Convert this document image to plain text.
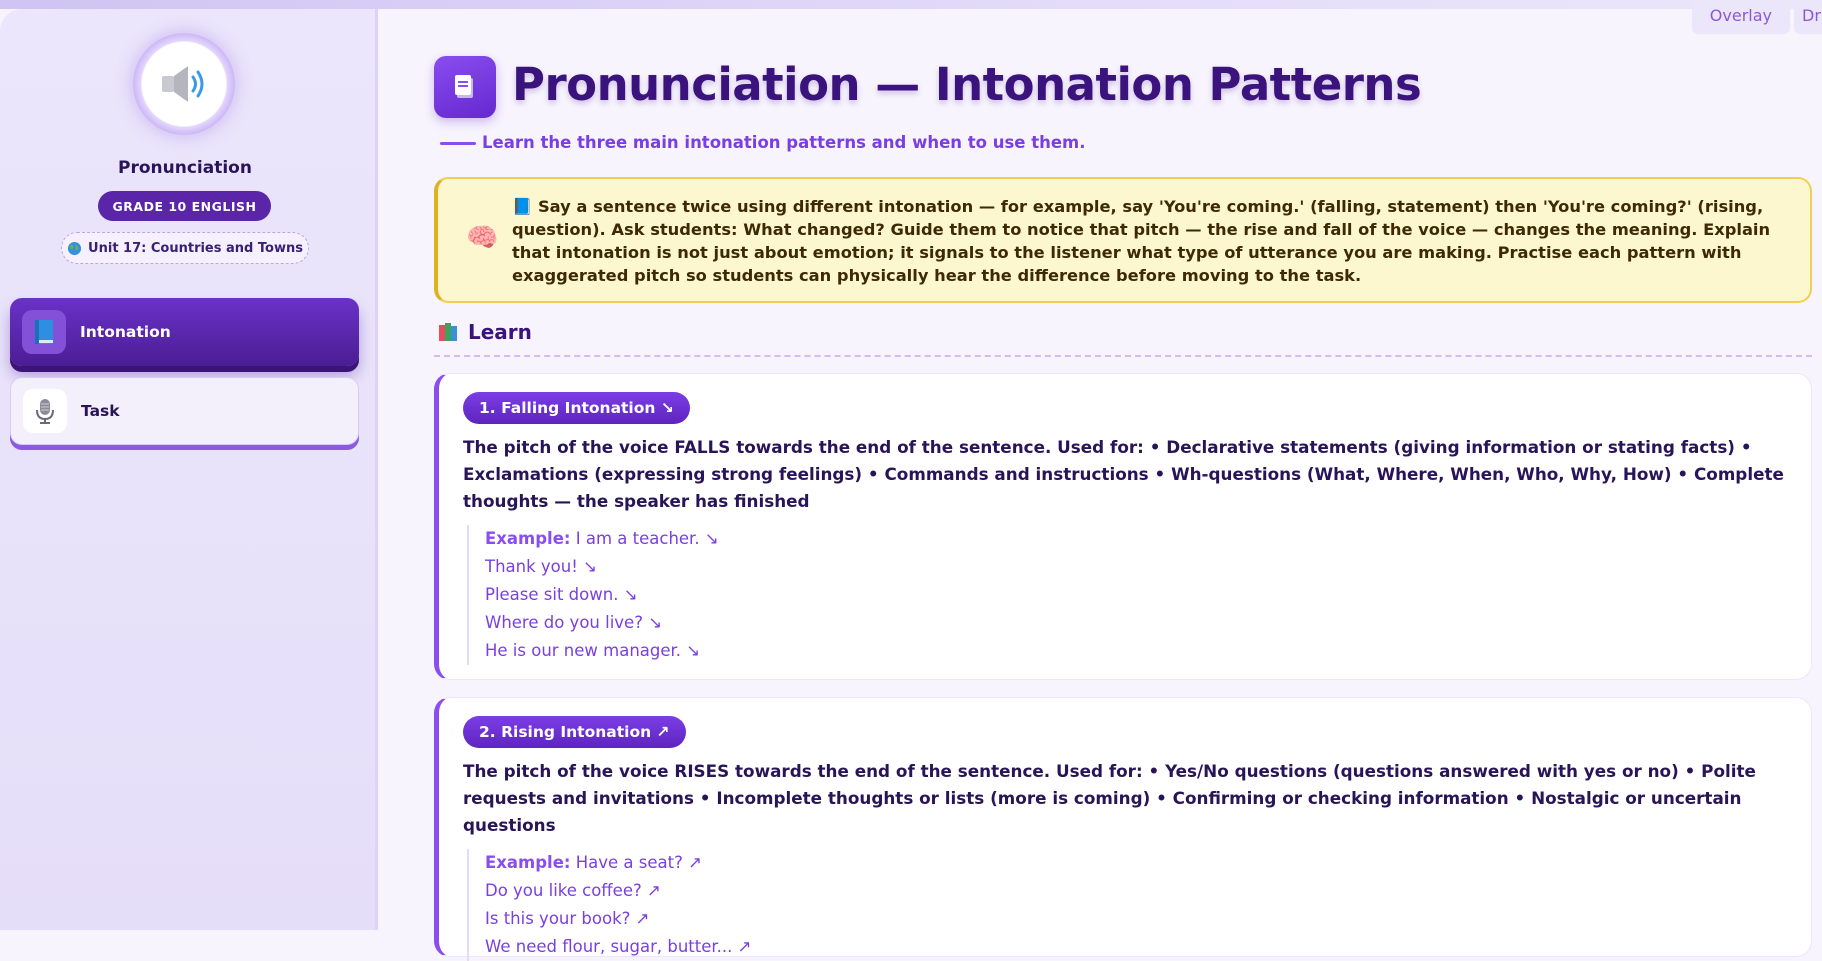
Overlay	Dr
Pronunciation
GRADE 10 ENGLISH
Unit 17: Countries and Towns
Intonation
Task
Pronunciation — Intonation Patterns
Learn the three main intonation patterns and when to use them.
🧠

📘 Say a sentence twice using different intonation — for example, say 'You're coming.' (falling, statement) then 'You're coming?' (rising, question). Ask students: What changed? Guide them to notice that pitch — the rise and fall of the voice — changes the meaning. Explain that intonation is not just about emotion; it signals to the listener what type of utterance you are making. Practise each pattern with exaggerated pitch so students can physically hear the difference before moving to the task.

Learn
1. Falling Intonation ↘

The pitch of the voice FALLS towards the end of the sentence. Used for: • Declarative statements (giving information or stating facts) • Exclamations (expressing strong feelings) • Commands and instructions • Wh-questions (What, Where, When, Who, Why, How) • Complete thoughts — the speaker has finished

Example: I am a teacher. ↘
Thank you! ↘
Please sit down. ↘
Where do you live? ↘
He is our new manager. ↘
2. Rising Intonation ↗

The pitch of the voice RISES towards the end of the sentence. Used for: • Yes/No questions (questions answered with yes or no) • Polite requests and invitations • Incomplete thoughts or lists (more is coming) • Confirming or checking information • Nostalgic or uncertain questions

Example: Have a seat? ↗
Do you like coffee? ↗
Is this your book? ↗
We need flour, sugar, butter... ↗
